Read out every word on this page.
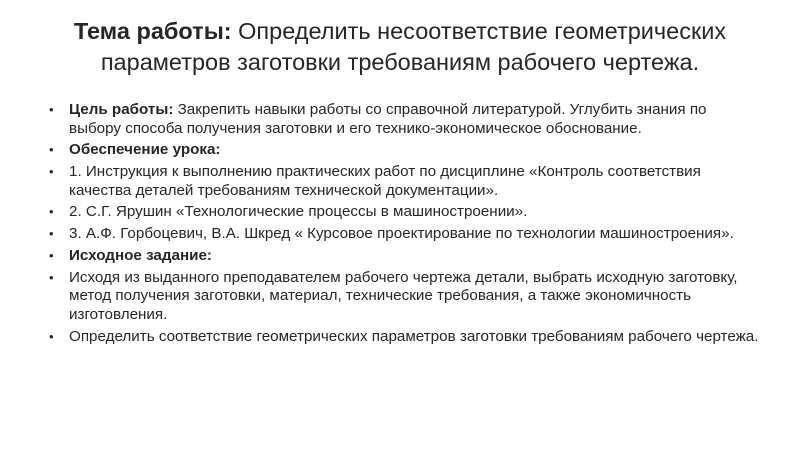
Тема работы: Определить несоответствие геометрических параметров заготовки требованиям рабочего чертежа.
• Цель работы: Закрепить навыки работы со справочной литературой. Углубить знания по выбору способа получения заготовки и его технико-экономическое обоснование.
• Обеспечение урока:
• 1. Инструкция к выполнению практических работ по дисциплине «Контроль соответствия качества деталей требованиям технической документации».
• 2. С.Г. Ярушин «Технологические процессы в машиностроении».
• 3. А.Ф. Горбоцевич, В.А. Шкред « Курсовое проектирование по технологии машиностроения».
• Исходное задание:
• Исходя из выданного преподавателем рабочего чертежа детали, выбрать исходную заготовку, метод получения заготовки, материал, технические требования, а также экономичность изготовления.
• Определить соответствие геометрических параметров заготовки требованиям рабочего чертежа.
